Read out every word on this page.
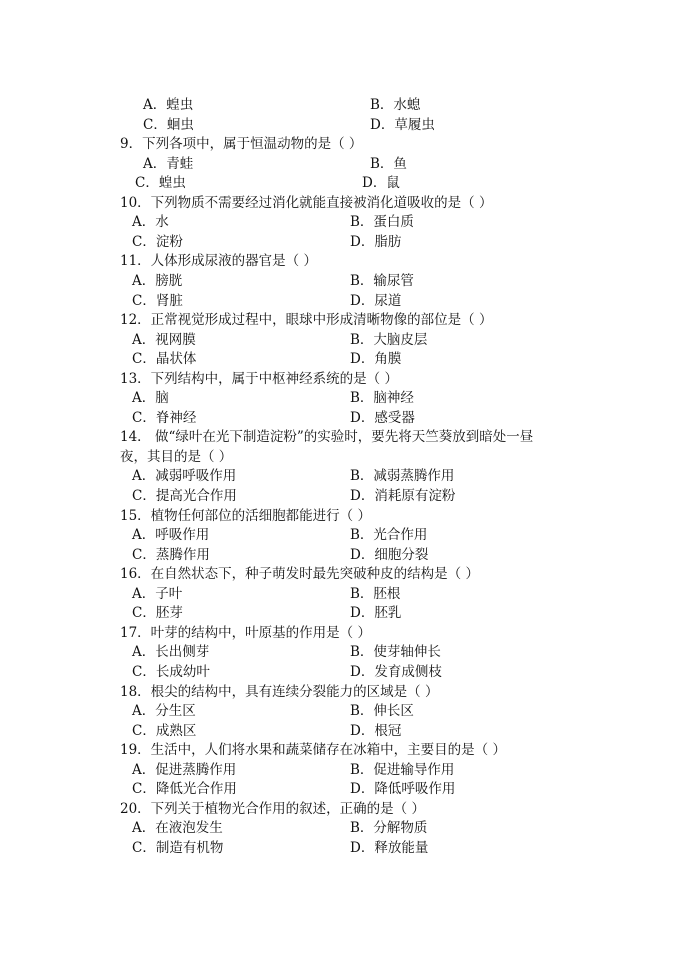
A．蝗虫	B．水螅
C．蛔虫	D．草履虫
9．下列各项中，属于恒温动物的是（ ）
A．青蛙	B．鱼
C．蝗虫	D．鼠
10．下列物质不需要经过消化就能直接被消化道吸收的是（ ）
A．水	B．蛋白质
C．淀粉	D．脂肪
11．人体形成尿液的器官是（ ）
A．膀胱	B．输尿管
C．肾脏	D．尿道
12．正常视觉形成过程中，眼球中形成清晰物像的部位是（ ）
A．视网膜	B．大脑皮层
C．晶状体	D．角膜
13．下列结构中，属于中枢神经系统的是（ ）
A．脑	B．脑神经
C．脊神经	D．感受器
14． 做“绿叶在光下制造淀粉”的实验时，要先将天竺葵放到暗处一昼
夜，其目的是（ ）
A．减弱呼吸作用	B．减弱蒸腾作用
C．提高光合作用	D．消耗原有淀粉
15．植物任何部位的活细胞都能进行（ ）
A．呼吸作用	B．光合作用
C．蒸腾作用	D．细胞分裂
16．在自然状态下，种子萌发时最先突破种皮的结构是（ ）
A．子叶	B．胚根
C．胚芽	D．胚乳
17．叶芽的结构中，叶原基的作用是（ ）
A．长出侧芽	B．使芽轴伸长
C．长成幼叶	D．发育成侧枝
18．根尖的结构中，具有连续分裂能力的区域是（ ）
A．分生区	B．伸长区
C．成熟区	D．根冠
19．生活中，人们将水果和蔬菜储存在冰箱中，主要目的是（ ）
A．促进蒸腾作用	B．促进输导作用
C．降低光合作用	D．降低呼吸作用
20．下列关于植物光合作用的叙述，正确的是（ ）
A．在液泡发生	B．分解物质
C．制造有机物	D．释放能量
